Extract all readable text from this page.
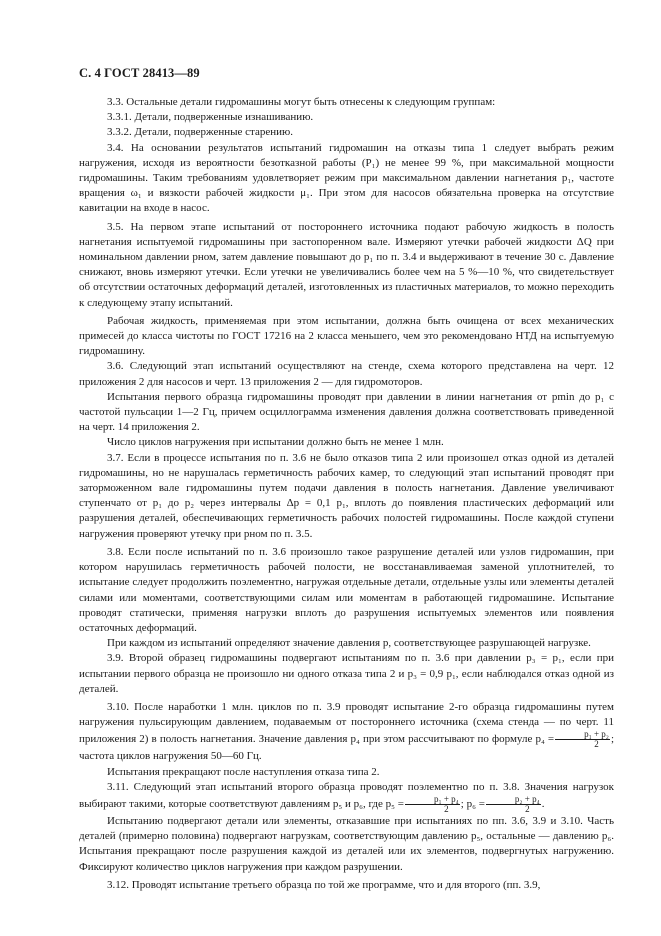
С. 4 ГОСТ 28413—89

3.3. Остальные детали гидромашины могут быть отнесены к следующим группам:

3.3.1. Детали, подверженные изнашиванию.

3.3.2. Детали, подверженные старению.

3.4. На основании результатов испытаний гидромашин на отказы типа 1 следует выбрать режим нагружения, исходя из вероятности безотказной работы (P₁) не менее 99 %, при максимальной мощности гидромашины. Таким требованиям удовлетворяет режим при максимальном давлении нагнетания p₁, частоте вращения ω₁ и вязкости рабочей жидкости μ₁. При этом для насосов обязательна проверка на отсутствие кавитации на входе в насос.

3.5. На первом этапе испытаний от постороннего источника подают рабочую жидкость в полость нагнетания испытуемой гидромашины при застопоренном вале. Измеряют утечки рабочей жидкости ΔQ при номинальном давлении pном, затем давление повышают до p₁ по п. 3.4 и выдерживают в течение 30 с. Давление снижают, вновь измеряют утечки. Если утечки не увеличивались более чем на 5 %—10 %, что свидетельствует об отсутствии остаточных деформаций деталей, изготовленных из пластичных материалов, то можно переходить к следующему этапу испытаний.

Рабочая жидкость, применяемая при этом испытании, должна быть очищена от всех механических примесей до класса чистоты по ГОСТ 17216 на 2 класса меньшего, чем это рекомендовано НТД на испытуемую гидромашину.

3.6. Следующий этап испытаний осуществляют на стенде, схема которого представлена на черт. 12 приложения 2 для насосов и черт. 13 приложения 2 — для гидромоторов.

Испытания первого образца гидромашины проводят при давлении в линии нагнетания от pmin до p₁ с частотой пульсации 1—2 Гц, причем осциллограмма изменения давления должна соответствовать приведенной на черт. 14 приложения 2.

Число циклов нагружения при испытании должно быть не менее 1 млн.

3.7. Если в процессе испытания по п. 3.6 не было отказов типа 2 или произошел отказ одной из деталей гидромашины, но не нарушалась герметичность рабочих камер, то следующий этап испытаний проводят при заторможенном вале гидромашины путем подачи давления в полость нагнетания. Давление увеличивают ступенчато от p₁ до p₂ через интервалы Δp = 0,1 p₁, вплоть до появления пластических деформаций или разрушения деталей, обеспечивающих герметичность рабочих полостей гидромашины. После каждой ступени нагружения проверяют утечку при pном по п. 3.5.

3.8. Если после испытаний по п. 3.6 произошло такое разрушение деталей или узлов гидромашин, при котором нарушилась герметичность рабочей полости, не восстанавливаемая заменой уплотнителей, то испытание следует продолжить поэлементно, нагружая отдельные детали, отдельные узлы или элементы деталей силами или моментами, соответствующими силам или моментам в работающей гидромашине. Испытание проводят статически, применяя нагрузки вплоть до разрушения испытуемых элементов или появления остаточных деформаций.

При каждом из испытаний определяют значение давления p, соответствующее разрушающей нагрузке.

3.9. Второй образец гидромашины подвергают испытаниям по п. 3.6 при давлении p₃ = p₁, если при испытании первого образца не произошло ни одного отказа типа 2 и p₃ = 0,9 p₁, если наблюдался отказ одной из деталей.

3.10. После наработки 1 млн. циклов по п. 3.9 проводят испытание 2-го образца гидромашины путем нагружения пульсирующим давлением, подаваемым от постороннего источника (схема стенда — по черт. 11 приложения 2) в полость нагнетания. Значение давления p₄ при этом рассчитывают по формуле $p_4 = \frac{\text{p₁ + p₂}}{2}$ ; частота циклов нагружения 50—60 Гц.

Испытания прекращают после наступления отказа типа 2.

3.11. Следующий этап испытаний второго образца проводят поэлементно по п. 3.8. Значения нагрузок выбирают такими, которые соответствуют давлениям p₅ и p₆, где $p_5 = \frac{\text{p₁ + p₄}}{2}$ ; $p_6 = \frac{\text{p₂ + p₄}}{2}$ .

Испытанию подвергают детали или элементы, отказавшие при испытаниях по пп. 3.6, 3.9 и 3.10. Часть деталей (примерно половина) подвергают нагрузкам, соответствующим давлению p₅, остальные — давлению p₆. Испытания прекращают после разрушения каждой из деталей или их элементов, подвергнутых нагружению. Фиксируют количество циклов нагружения при каждом разрушении.

3.12. Проводят испытание третьего образца по той же программе, что и для второго (пп. 3.9,
